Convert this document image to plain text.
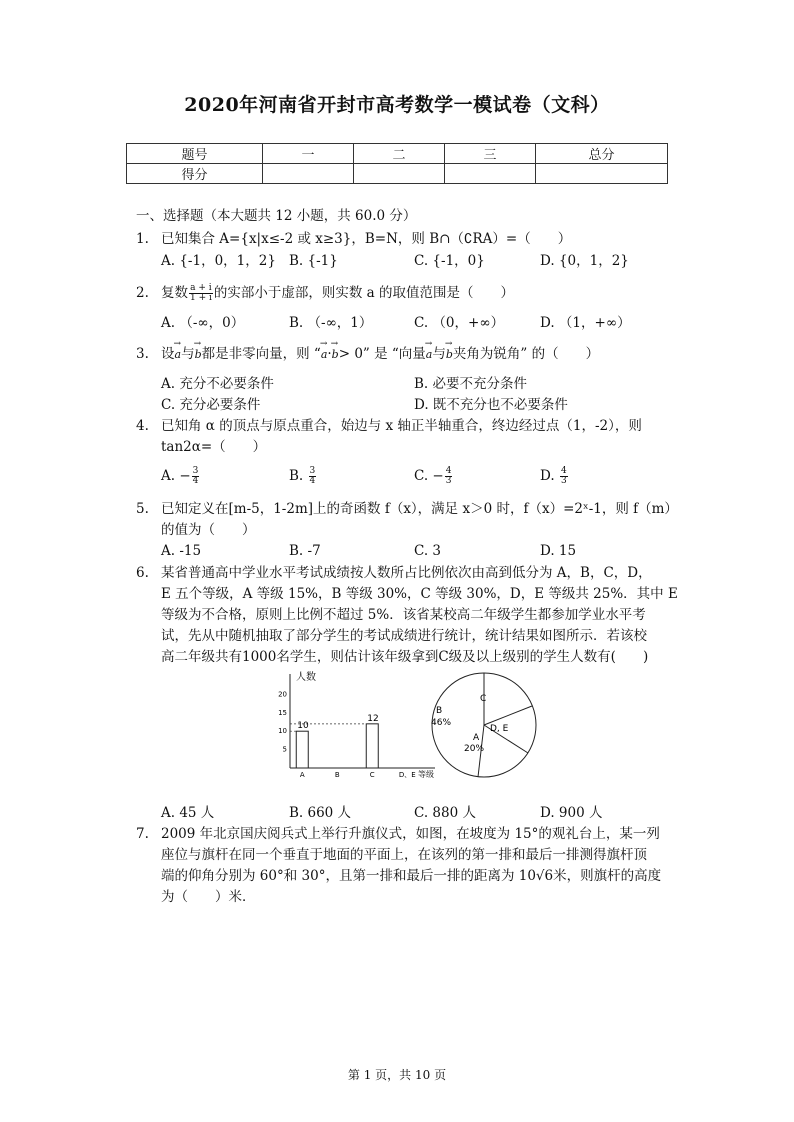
2020年河南省开封市高考数学一模试卷（文科）
题号	一	二	三	总分
得分				
一、选择题（本大题共 12 小题，共 60.0 分）
1. 已知集合 A={x|x≤-2 或 x≥3}，B=N，则 B∩（∁RA）=（　　）
A. {-1，0，1，2} B. {-1}	C. {-1，0}	D. {0，1，2}
2. 复数 $\frac{a + i}{1 + i}$ 的实部小于虚部，则实数 a 的取值范围是（　　）
A. （-∞，0）	B. （-∞，1）	C. （0，+∞）	D. （1，+∞）
3. 设→ a与→ b都是非零向量，则 “→ a·→ b> 0” 是 “向量→ a与→ b夹角为锐角” 的（　　）
A. 充分不必要条件	B. 必要不充分条件
C. 充分必要条件	D. 既不充分也不必要条件
4. 已知角 α 的顶点与原点重合，始边与 x 轴正半轴重合，终边经过点（1，-2），则
tan2α=（　　）
A. − $\frac{3}{4}$	B. $\frac{3}{4}$	C. − $\frac{4}{3}$	D. $\frac{4}{3}$
5. 已知定义在[m-5，1-2m]上的奇函数 f（x），满足 x＞0 时，f（x）=2ˣ-1，则 f（m）
的值为（　　）
A. -15	B. -7	C. 3	D. 15
6. 某省普通高中学业水平考试成绩按人数所占比例依次由高到低分为 A，B，C，D，
E 五个等级，A 等级 15%，B 等级 30%，C 等级 30%，D，E 等级共 25%．其中 E
等级为不合格，原则上比例不超过 5%．该省某校高二年级学生都参加学业水平考
试，先从中随机抽取了部分学生的考试成绩进行统计，统计结果如图所示．若该校
高二年级共有1000名学生，则估计该年级拿到C级及以上级别的学生人数有(　　)
人数
等级
20
15
10
5
10
12
A	B	C	D、E
C
B
46%
D, E
A
20%
A. 45 人	B. 660 人	C. 880 人	D. 900 人
7. 2009 年北京国庆阅兵式上举行升旗仪式，如图，在坡度为 15°的观礼台上，某一列
座位与旗杆在同一个垂直于地面的平面上，在该列的第一排和最后一排测得旗杆顶
端的仰角分别为 60°和 30°，且第一排和最后一排的距离为 10√6米，则旗杆的高度
为（　　）米．
第 1 页，共 10 页
